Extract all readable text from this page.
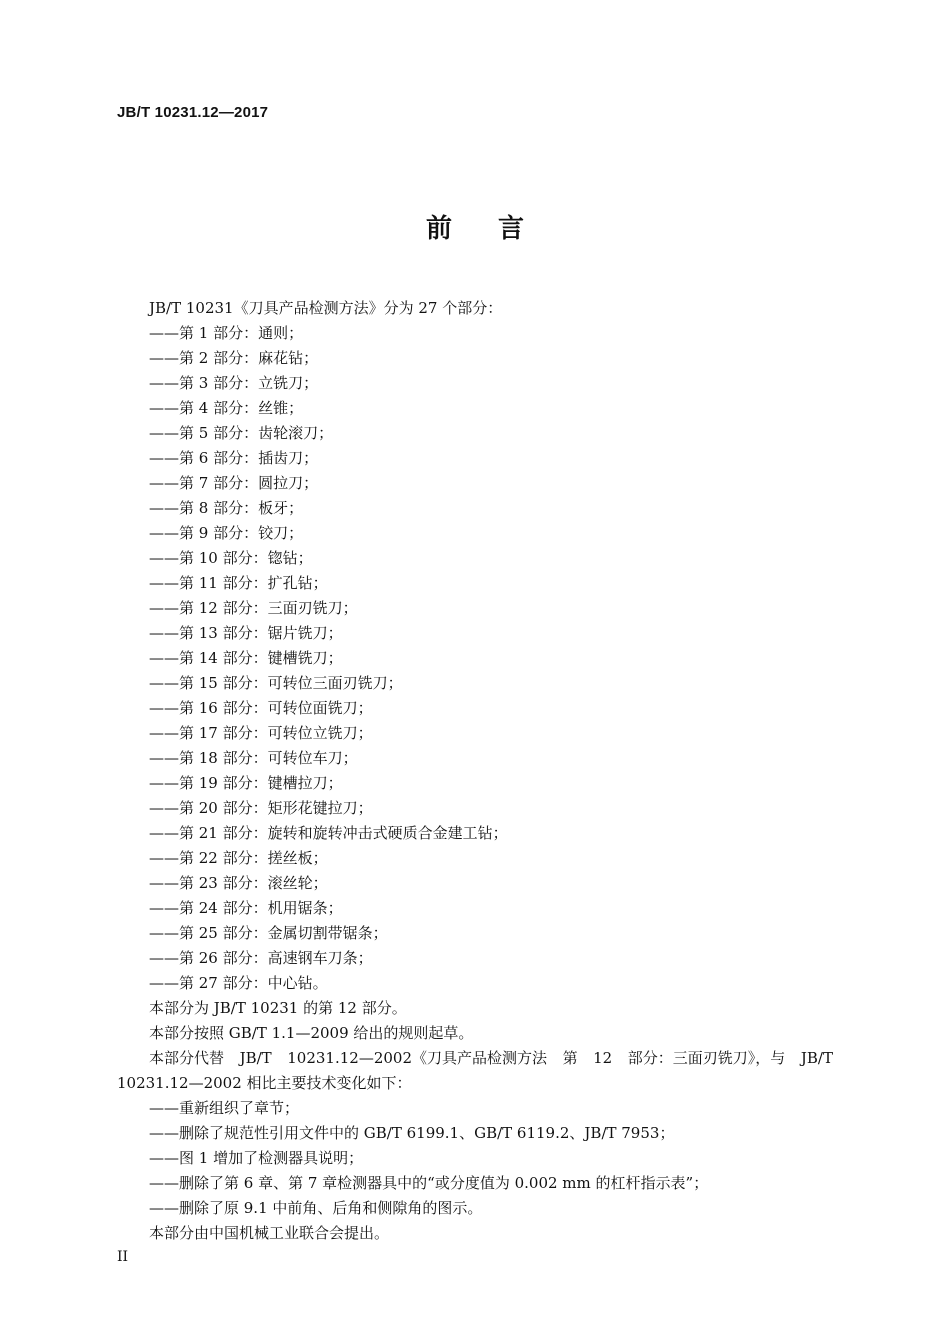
JB/T 10231.12—2017
前言
JB/T 10231《刀具产品检测方法》分为 27 个部分：
——第 1 部分：通则；
——第 2 部分：麻花钻；
——第 3 部分：立铣刀；
——第 4 部分：丝锥；
——第 5 部分：齿轮滚刀；
——第 6 部分：插齿刀；
——第 7 部分：圆拉刀；
——第 8 部分：板牙；
——第 9 部分：铰刀；
——第 10 部分：锪钻；
——第 11 部分：扩孔钻；
——第 12 部分：三面刃铣刀；
——第 13 部分：锯片铣刀；
——第 14 部分：键槽铣刀；
——第 15 部分：可转位三面刃铣刀；
——第 16 部分：可转位面铣刀；
——第 17 部分：可转位立铣刀；
——第 18 部分：可转位车刀；
——第 19 部分：键槽拉刀；
——第 20 部分：矩形花键拉刀；
——第 21 部分：旋转和旋转冲击式硬质合金建工钻；
——第 22 部分：搓丝板；
——第 23 部分：滚丝轮；
——第 24 部分：机用锯条；
——第 25 部分：金属切割带锯条；
——第 26 部分：高速钢车刀条；
——第 27 部分：中心钻。
本部分为 JB/T 10231 的第 12 部分。
本部分按照 GB/T 1.1—2009 给出的规则起草。
本部分代替 JB/T 10231.12—2002《刀具产品检测方法 第 12 部分：三面刃铣刀》，与 JB/T
10231.12—2002 相比主要技术变化如下：
——重新组织了章节；
——删除了规范性引用文件中的 GB/T 6199.1、GB/T 6119.2、JB/T 7953；
——图 1 增加了检测器具说明；
——删除了第 6 章、第 7 章检测器具中的“或分度值为 0.002 mm 的杠杆指示表”；
——删除了原 9.1 中前角、后角和侧隙角的图示。
本部分由中国机械工业联合会提出。
II
